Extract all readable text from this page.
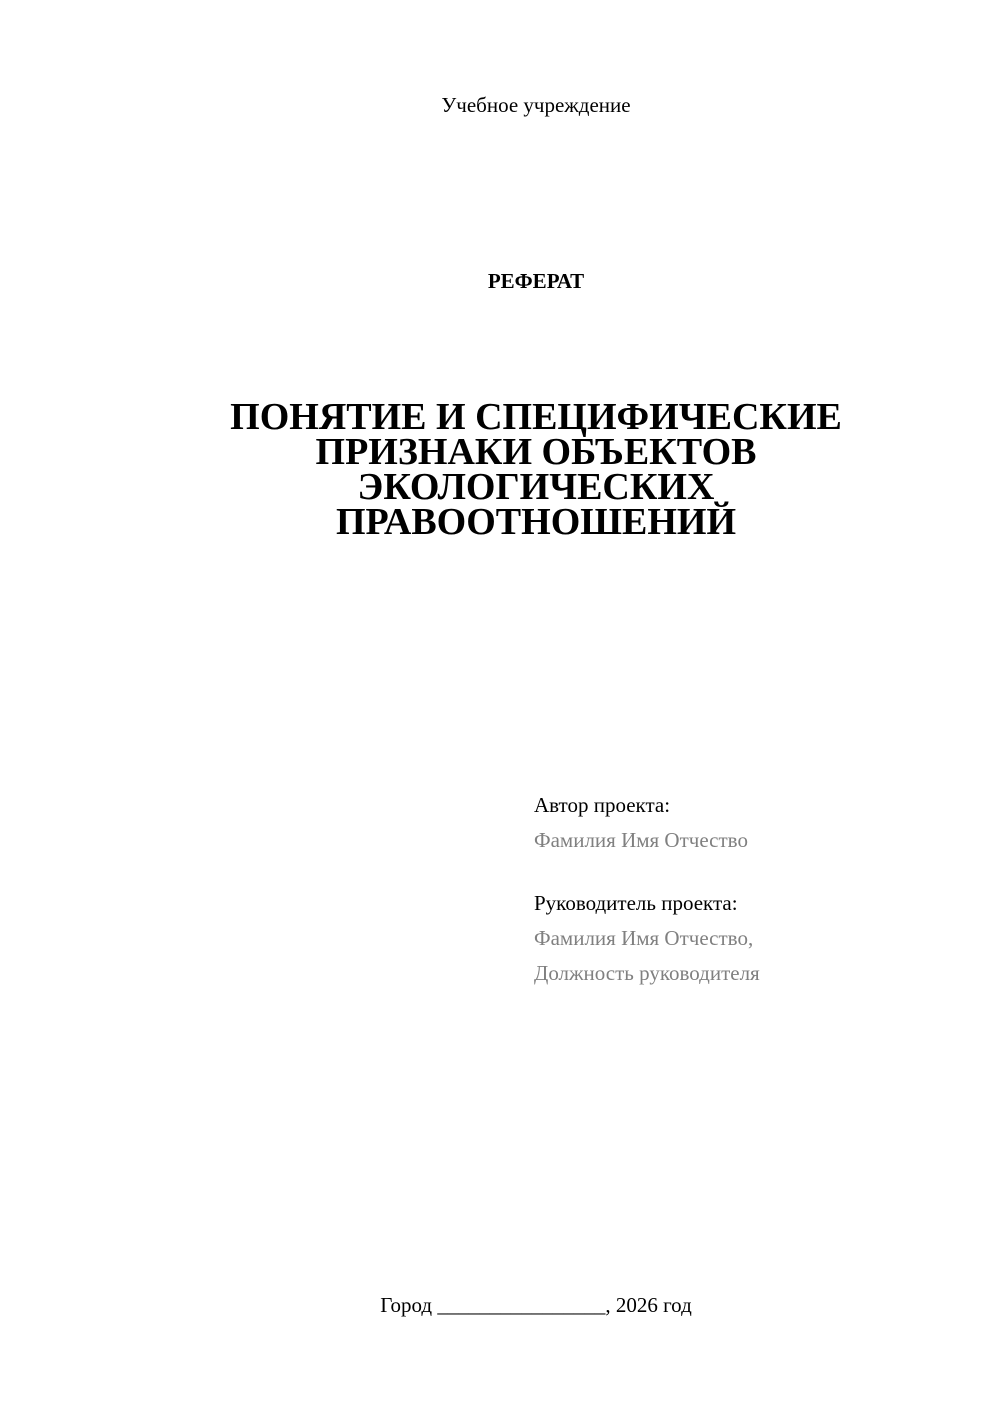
Учебное учреждение
РЕФЕРАТ
ПОНЯТИЕ И СПЕЦИФИЧЕСКИЕ
ПРИЗНАКИ ОБЪЕКТОВ
ЭКОЛОГИЧЕСКИХ
ПРАВООТНОШЕНИЙ
Автор проекта:
Фамилия Имя Отчество
Руководитель проекта:
Фамилия Имя Отчество,
Должность руководителя
Город ________________, 2026 год
